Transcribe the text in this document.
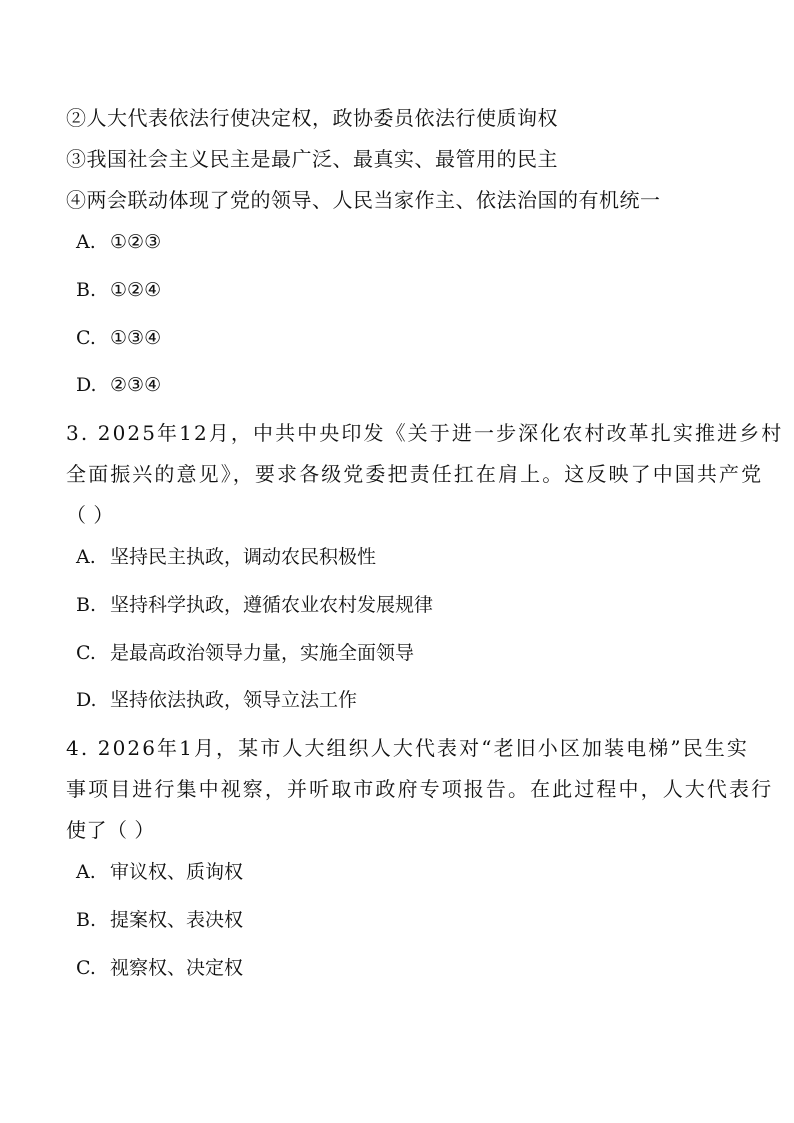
②人大代表依法行使决定权，政协委员依法行使质询权
③我国社会主义民主是最广泛、最真实、最管用的民主
④两会联动体现了党的领导、人民当家作主、依法治国的有机统一
A. ①②③
B. ①②④
C. ①③④
D. ②③④
3. 2025年12月，中共中央印发《关于进一步深化农村改革扎实推进乡村
全面振兴的意见》，要求各级党委把责任扛在肩上。这反映了中国共产党
（ ）
A. 坚持民主执政，调动农民积极性
B. 坚持科学执政，遵循农业农村发展规律
C. 是最高政治领导力量，实施全面领导
D. 坚持依法执政，领导立法工作
4. 2026年1月，某市人大组织人大代表对“老旧小区加装电梯”民生实
事项目进行集中视察，并听取市政府专项报告。在此过程中，人大代表行
使了（ ）
A. 审议权、质询权
B. 提案权、表决权
C. 视察权、决定权
